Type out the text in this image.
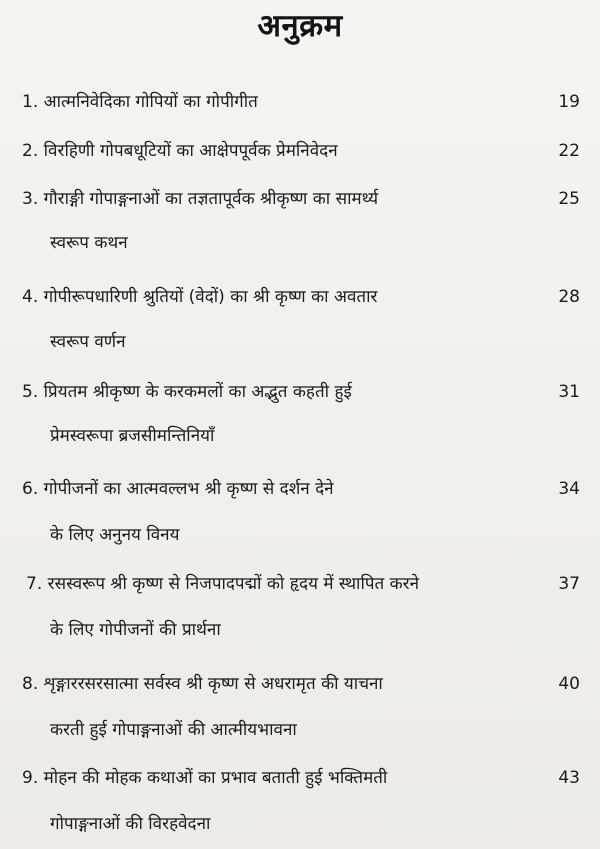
अनुक्रम
1. आत्मनिवेदिका गोपियों का गोपीगीत	19
2. विरहिणी गोपबधूटियों का आक्षेपपूर्वक प्रेमनिवेदन	22
3. गौराङ्गी गोपाङ्गनाओं का तज्ञतापूर्वक श्रीकृष्ण का सामर्थ्य
स्वरूप कथन
25
4. गोपीरूपधारिणी श्रुतियों (वेदों) का श्री कृष्ण का अवतार
स्वरूप वर्णन
28
5. प्रियतम श्रीकृष्ण के करकमलों का अद्भुत कहती हुई
प्रेमस्वरूपा ब्रजसीमन्तिनियाँ
31
6. गोपीजनों का आत्मवल्लभ श्री कृष्ण से दर्शन देने
के लिए अनुनय विनय
34
7. रसस्वरूप श्री कृष्ण से निजपादपद्मों को हृदय में स्थापित करने
के लिए गोपीजनों की प्रार्थना
37
8. शृङ्गाररसरसात्मा सर्वस्व श्री कृष्ण से अधरामृत की याचना
करती हुई गोपाङ्गनाओं की आत्मीयभावना
40
9. मोहन की मोहक कथाओं का प्रभाव बताती हुई भक्तिमती
गोपाङ्गनाओं की विरहवेदना
43
